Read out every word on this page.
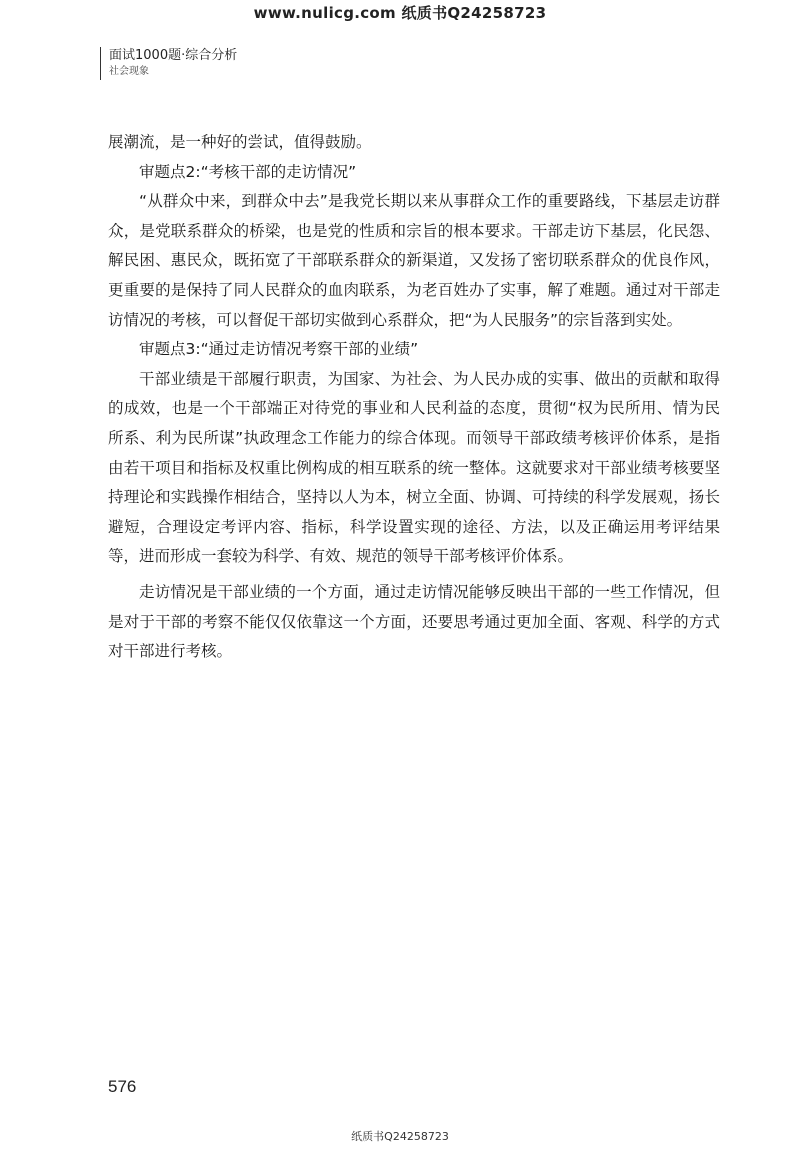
www.nulicg.com 纸质书Q24258723
面试1000题·综合分析
社会现象

展潮流，是一种好的尝试，值得鼓励。

审题点2:“考核干部的走访情况”

“从群众中来，到群众中去”是我党长期以来从事群众工作的重要路线，下基层走访群众，是党联系群众的桥梁，也是党的性质和宗旨的根本要求。干部走访下基层，化民怨、解民困、惠民众，既拓宽了干部联系群众的新渠道，又发扬了密切联系群众的优良作风，更重要的是保持了同人民群众的血肉联系，为老百姓办了实事，解了难题。通过对干部走访情况的考核，可以督促干部切实做到心系群众，把“为人民服务”的宗旨落到实处。

审题点3:“通过走访情况考察干部的业绩”

干部业绩是干部履行职责，为国家、为社会、为人民办成的实事、做出的贡献和取得的成效，也是一个干部端正对待党的事业和人民利益的态度，贯彻“权为民所用、情为民所系、利为民所谋”执政理念工作能力的综合体现。而领导干部政绩考核评价体系，是指由若干项目和指标及权重比例构成的相互联系的统一整体。这就要求对干部业绩考核要坚持理论和实践操作相结合，坚持以人为本，树立全面、协调、可持续的科学发展观，扬长避短，合理设定考评内容、指标，科学设置实现的途径、方法，以及正确运用考评结果等，进而形成一套较为科学、有效、规范的领导干部考核评价体系。

走访情况是干部业绩的一个方面，通过走访情况能够反映出干部的一些工作情况，但是对于干部的考察不能仅仅依靠这一个方面，还要思考通过更加全面、客观、科学的方式对干部进行考核。

576
纸质书Q24258723
